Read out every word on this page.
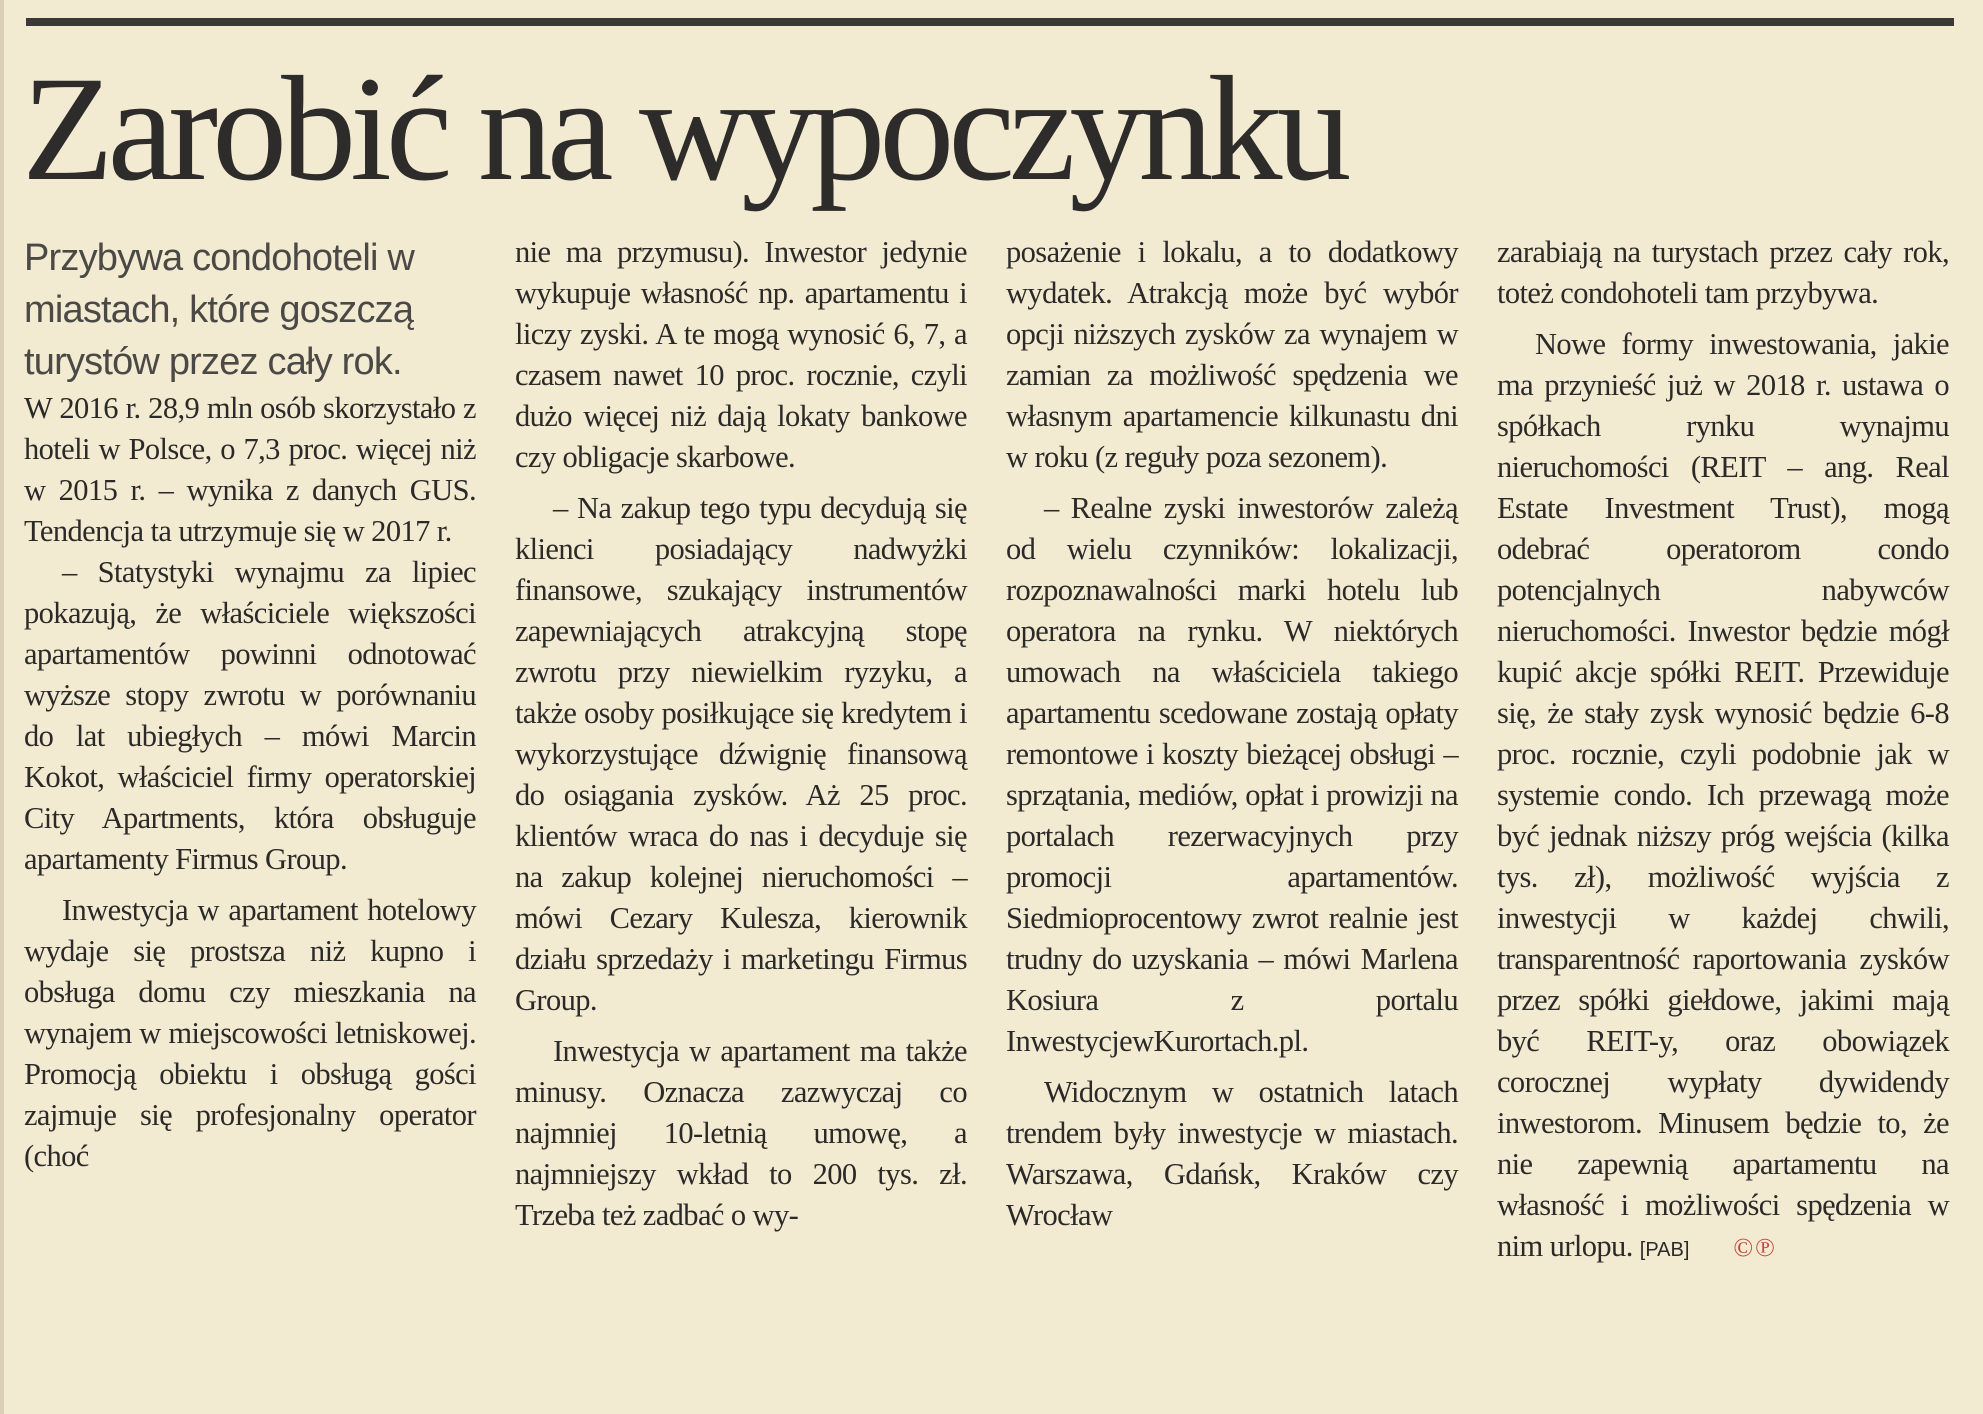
Zarobić na wypoczynku

Przybywa condohoteli w miastach, które goszczą turystów przez cały rok.

W 2016 r. 28,9 mln osób skorzystało z hoteli w Polsce, o 7,3 proc. więcej niż w 2015 r. – wynika z danych GUS. Tendencja ta utrzymuje się w 2017 r.

– Statystyki wynajmu za lipiec pokazują, że właściciele większości apartamentów powinni odnotować wyższe stopy zwrotu w porównaniu do lat ubiegłych – mówi Marcin Kokot, właściciel firmy operatorskiej City Apartments, która obsługuje apartamenty Firmus Group.

Inwestycja w apartament hotelowy wydaje się prostsza niż kupno i obsługa domu czy mieszkania na wynajem w miejscowości letniskowej. Promocją obiektu i obsługą gości zajmuje się profesjonalny operator (choć

nie ma przymusu). Inwestor jedynie wykupuje własność np. apartamentu i liczy zyski. A te mogą wynosić 6, 7, a czasem nawet 10 proc. rocznie, czyli dużo więcej niż dają lokaty bankowe czy obligacje skarbowe.

– Na zakup tego typu decydują się klienci posiadający nadwyżki finansowe, szukający instrumentów zapewniających atrakcyjną stopę zwrotu przy niewielkim ryzyku, a także osoby posiłkujące się kredytem i wykorzystujące dźwignię finansową do osiągania zysków. Aż 25 proc. klientów wraca do nas i decyduje się na zakup kolejnej nieruchomości – mówi Cezary Kulesza, kierownik działu sprzedaży i marketingu Firmus Group.

Inwestycja w apartament ma także minusy. Oznacza zazwyczaj co najmniej 10-letnią umowę, a najmniejszy wkład to 200 tys. zł. Trzeba też zadbać o wy-

posażenie i lokalu, a to dodatkowy wydatek. Atrakcją może być wybór opcji niższych zysków za wynajem w zamian za możliwość spędzenia we własnym apartamencie kilkunastu dni w roku (z reguły poza sezonem).

– Realne zyski inwestorów zależą od wielu czynników: lokalizacji, rozpoznawalności marki hotelu lub operatora na rynku. W niektórych umowach na właściciela takiego apartamentu scedowane zostają opłaty remontowe i koszty bieżącej obsługi – sprzątania, mediów, opłat i prowizji na portalach rezerwacyjnych przy promocji apartamentów. Siedmioprocentowy zwrot realnie jest trudny do uzyskania – mówi Marlena Kosiura z portalu InwestycjewKurortach.pl.

Widocznym w ostatnich latach trendem były inwestycje w miastach. Warszawa, Gdańsk, Kraków czy Wrocław

zarabiają na turystach przez cały rok, toteż condohoteli tam przybywa.

Nowe formy inwestowania, jakie ma przynieść już w 2018 r. ustawa o spółkach rynku wynajmu nieruchomości (REIT – ang. Real Estate Investment Trust), mogą odebrać operatorom condo potencjalnych nabywców nieruchomości. Inwestor będzie mógł kupić akcje spółki REIT. Przewiduje się, że stały zysk wynosić będzie 6-8 proc. rocznie, czyli podobnie jak w systemie condo. Ich przewagą może być jednak niższy próg wejścia (kilka tys. zł), możliwość wyjścia z inwestycji w każdej chwili, transparentność raportowania zysków przez spółki giełdowe, jakimi mają być REIT-y, oraz obowiązek corocznej wypłaty dywidendy inwestorom. Minusem będzie to, że nie zapewnią apartamentu na własność i możliwości spędzenia w nim urlopu. [PAB] ©℗
